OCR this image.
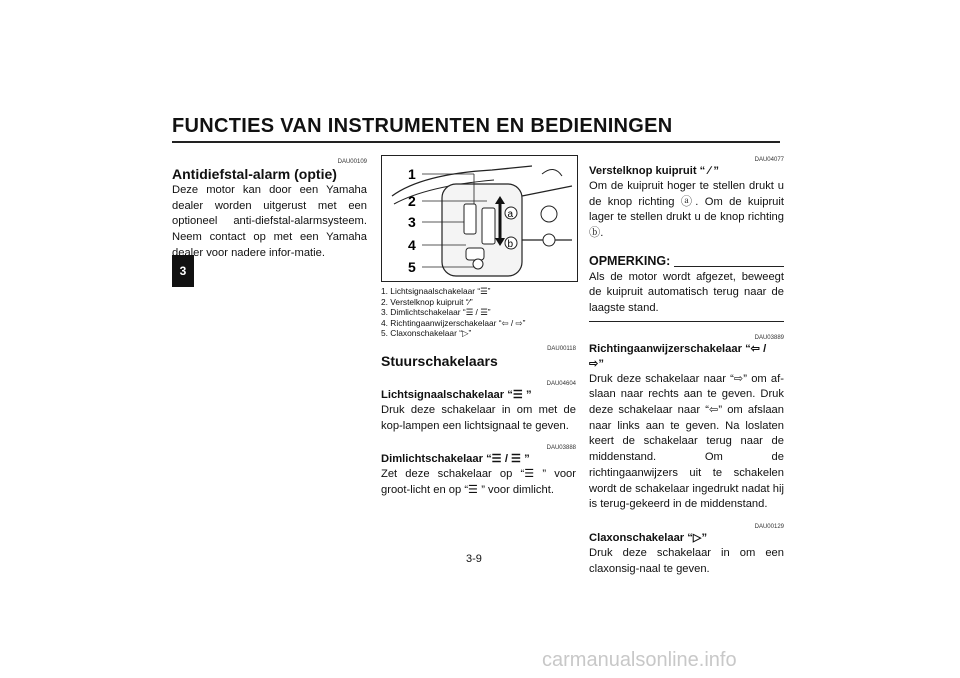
FUNCTIES VAN INSTRUMENTEN EN BEDIENINGEN
3
DAU00109
Antidiefstal-alarm (optie)

Deze motor kan door een Yamaha dealer worden uitgerust met een optioneel anti-diefstal-alarmsysteem. Neem contact op met een Yamaha dealer voor nadere infor-matie.

1
2
3
4
5
a
b
1. Lichtsignaalschakelaar “☰”
2. Verstelknop kuipruit “∕”
3. Dimlichtschakelaar “☰ / ☰”
4. Richtingaanwijzerschakelaar “⇦ / ⇨”
5. Claxonschakelaar “▷”
DAU00118
Stuurschakelaars
DAU04604

Lichtsignaalschakelaar “☰ ”

Druk deze schakelaar in om met de kop-lampen een lichtsignaal te geven.

DAU03888

Dimlichtschakelaar “☰ / ☰ ”

Zet deze schakelaar op “☰ ” voor groot-licht en op “☰ ” voor dimlicht.

DAU04077

Verstelknop kuipruit “ ∕ ”

Om de kuipruit hoger te stellen drukt u de knop richting ⓐ. Om de kuipruit lager te stellen drukt u de knop richting ⓑ.

OPMERKING:

Als de motor wordt afgezet, beweegt de kuipruit automatisch terug naar de laagste stand.

DAU03889

Richtingaanwijzerschakelaar “⇦ / ⇨”

Druk deze schakelaar naar “⇨” om af-slaan naar rechts aan te geven. Druk deze schakelaar naar “⇦” om afslaan naar links aan te geven. Na loslaten keert de schakelaar terug naar de middenstand. Om de richtingaanwijzers uit te schakelen wordt de schakelaar ingedrukt nadat hij is terug-gekeerd in de middenstand.

DAU00129

Claxonschakelaar “▷”

Druk deze schakelaar in om een claxonsig-naal te geven.

3-9
carmanualsonline.info
